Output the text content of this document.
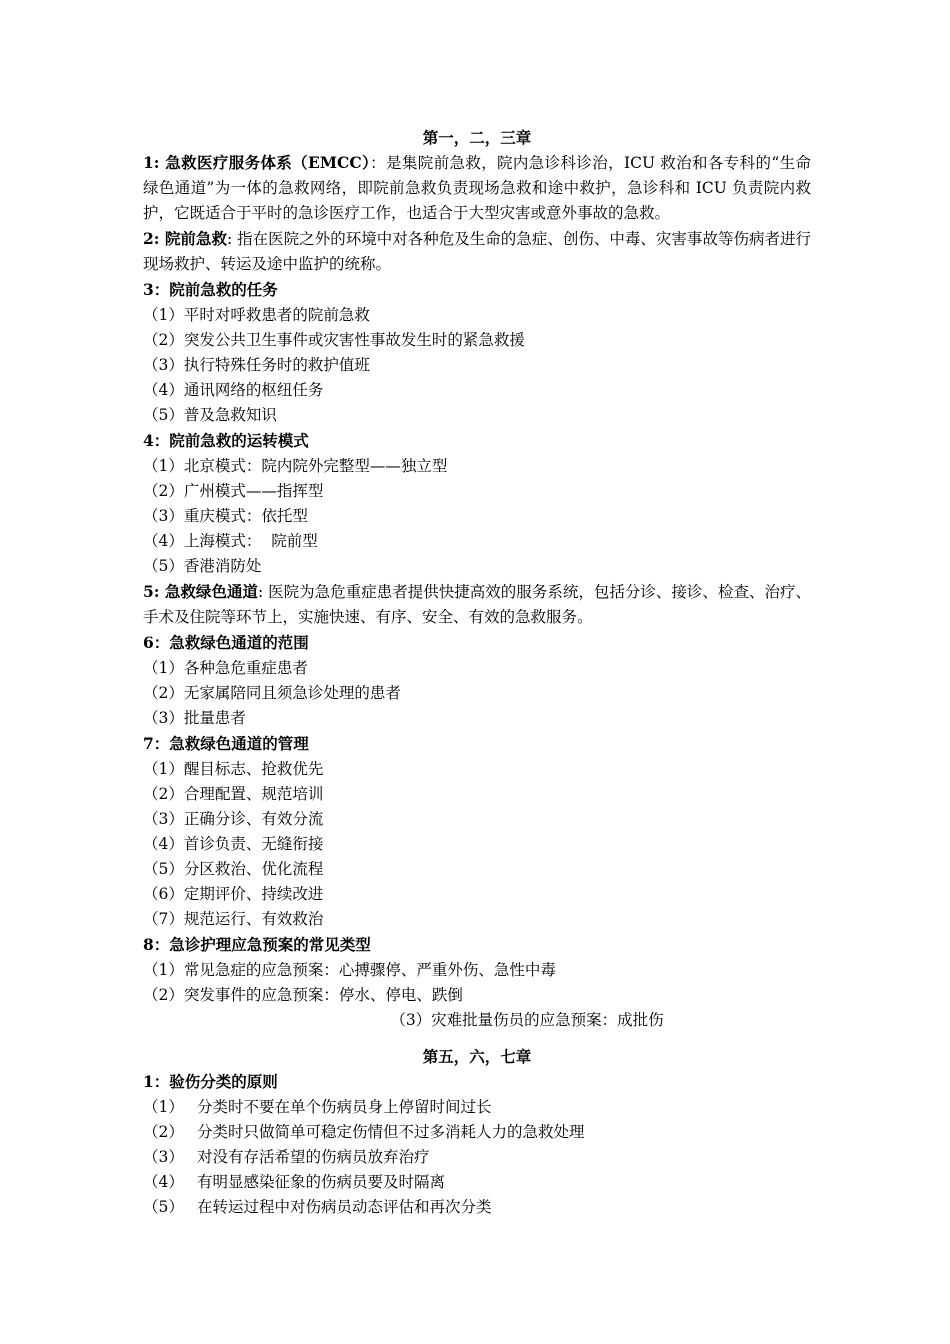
第一，二，三章

1: 急救医疗服务体系（EMCC）：是集院前急救，院内急诊科诊治，ICU 救治和各专科的“生命绿色通道”为一体的急救网络，即院前急救负责现场急救和途中救护，急诊科和 ICU 负责院内救护，它既适合于平时的急诊医疗工作，也适合于大型灾害或意外事故的急救。

2: 院前急救: 指在医院之外的环境中对各种危及生命的急症、创伤、中毒、灾害事故等伤病者进行现场救护、转运及途中监护的统称。

3：院前急救的任务

（1）平时对呼救患者的院前急救

（2）突发公共卫生事件或灾害性事故发生时的紧急救援

（3）执行特殊任务时的救护值班

（4）通讯网络的枢纽任务

（5）普及急救知识

4：院前急救的运转模式

（1）北京模式：院内院外完整型——独立型

（2）广州模式——指挥型

（3）重庆模式：依托型

（4）上海模式：  院前型

（5）香港消防处

5: 急救绿色通道: 医院为急危重症患者提供快捷高效的服务系统，包括分诊、接诊、检查、治疗、手术及住院等环节上，实施快速、有序、安全、有效的急救服务。

6：急救绿色通道的范围

（1）各种急危重症患者

（2）无家属陪同且须急诊处理的患者

（3）批量患者

7：急救绿色通道的管理

（1）醒目标志、抢救优先

（2）合理配置、规范培训

（3）正确分诊、有效分流

（4）首诊负责、无缝衔接

（5）分区救治、优化流程

（6）定期评价、持续改进

（7）规范运行、有效救治

8：急诊护理应急预案的常见类型

（1）常见急症的应急预案：心搏骤停、严重外伤、急性中毒

（2）突发事件的应急预案：停水、停电、跌倒

（3）灾难批量伤员的应急预案：成批伤

第五，六，七章

1：验伤分类的原则

（1） 分类时不要在单个伤病员身上停留时间过长

（2） 分类时只做简单可稳定伤情但不过多消耗人力的急救处理

（3） 对没有存活希望的伤病员放弃治疗

（4） 有明显感染征象的伤病员要及时隔离

（5） 在转运过程中对伤病员动态评估和再次分类
